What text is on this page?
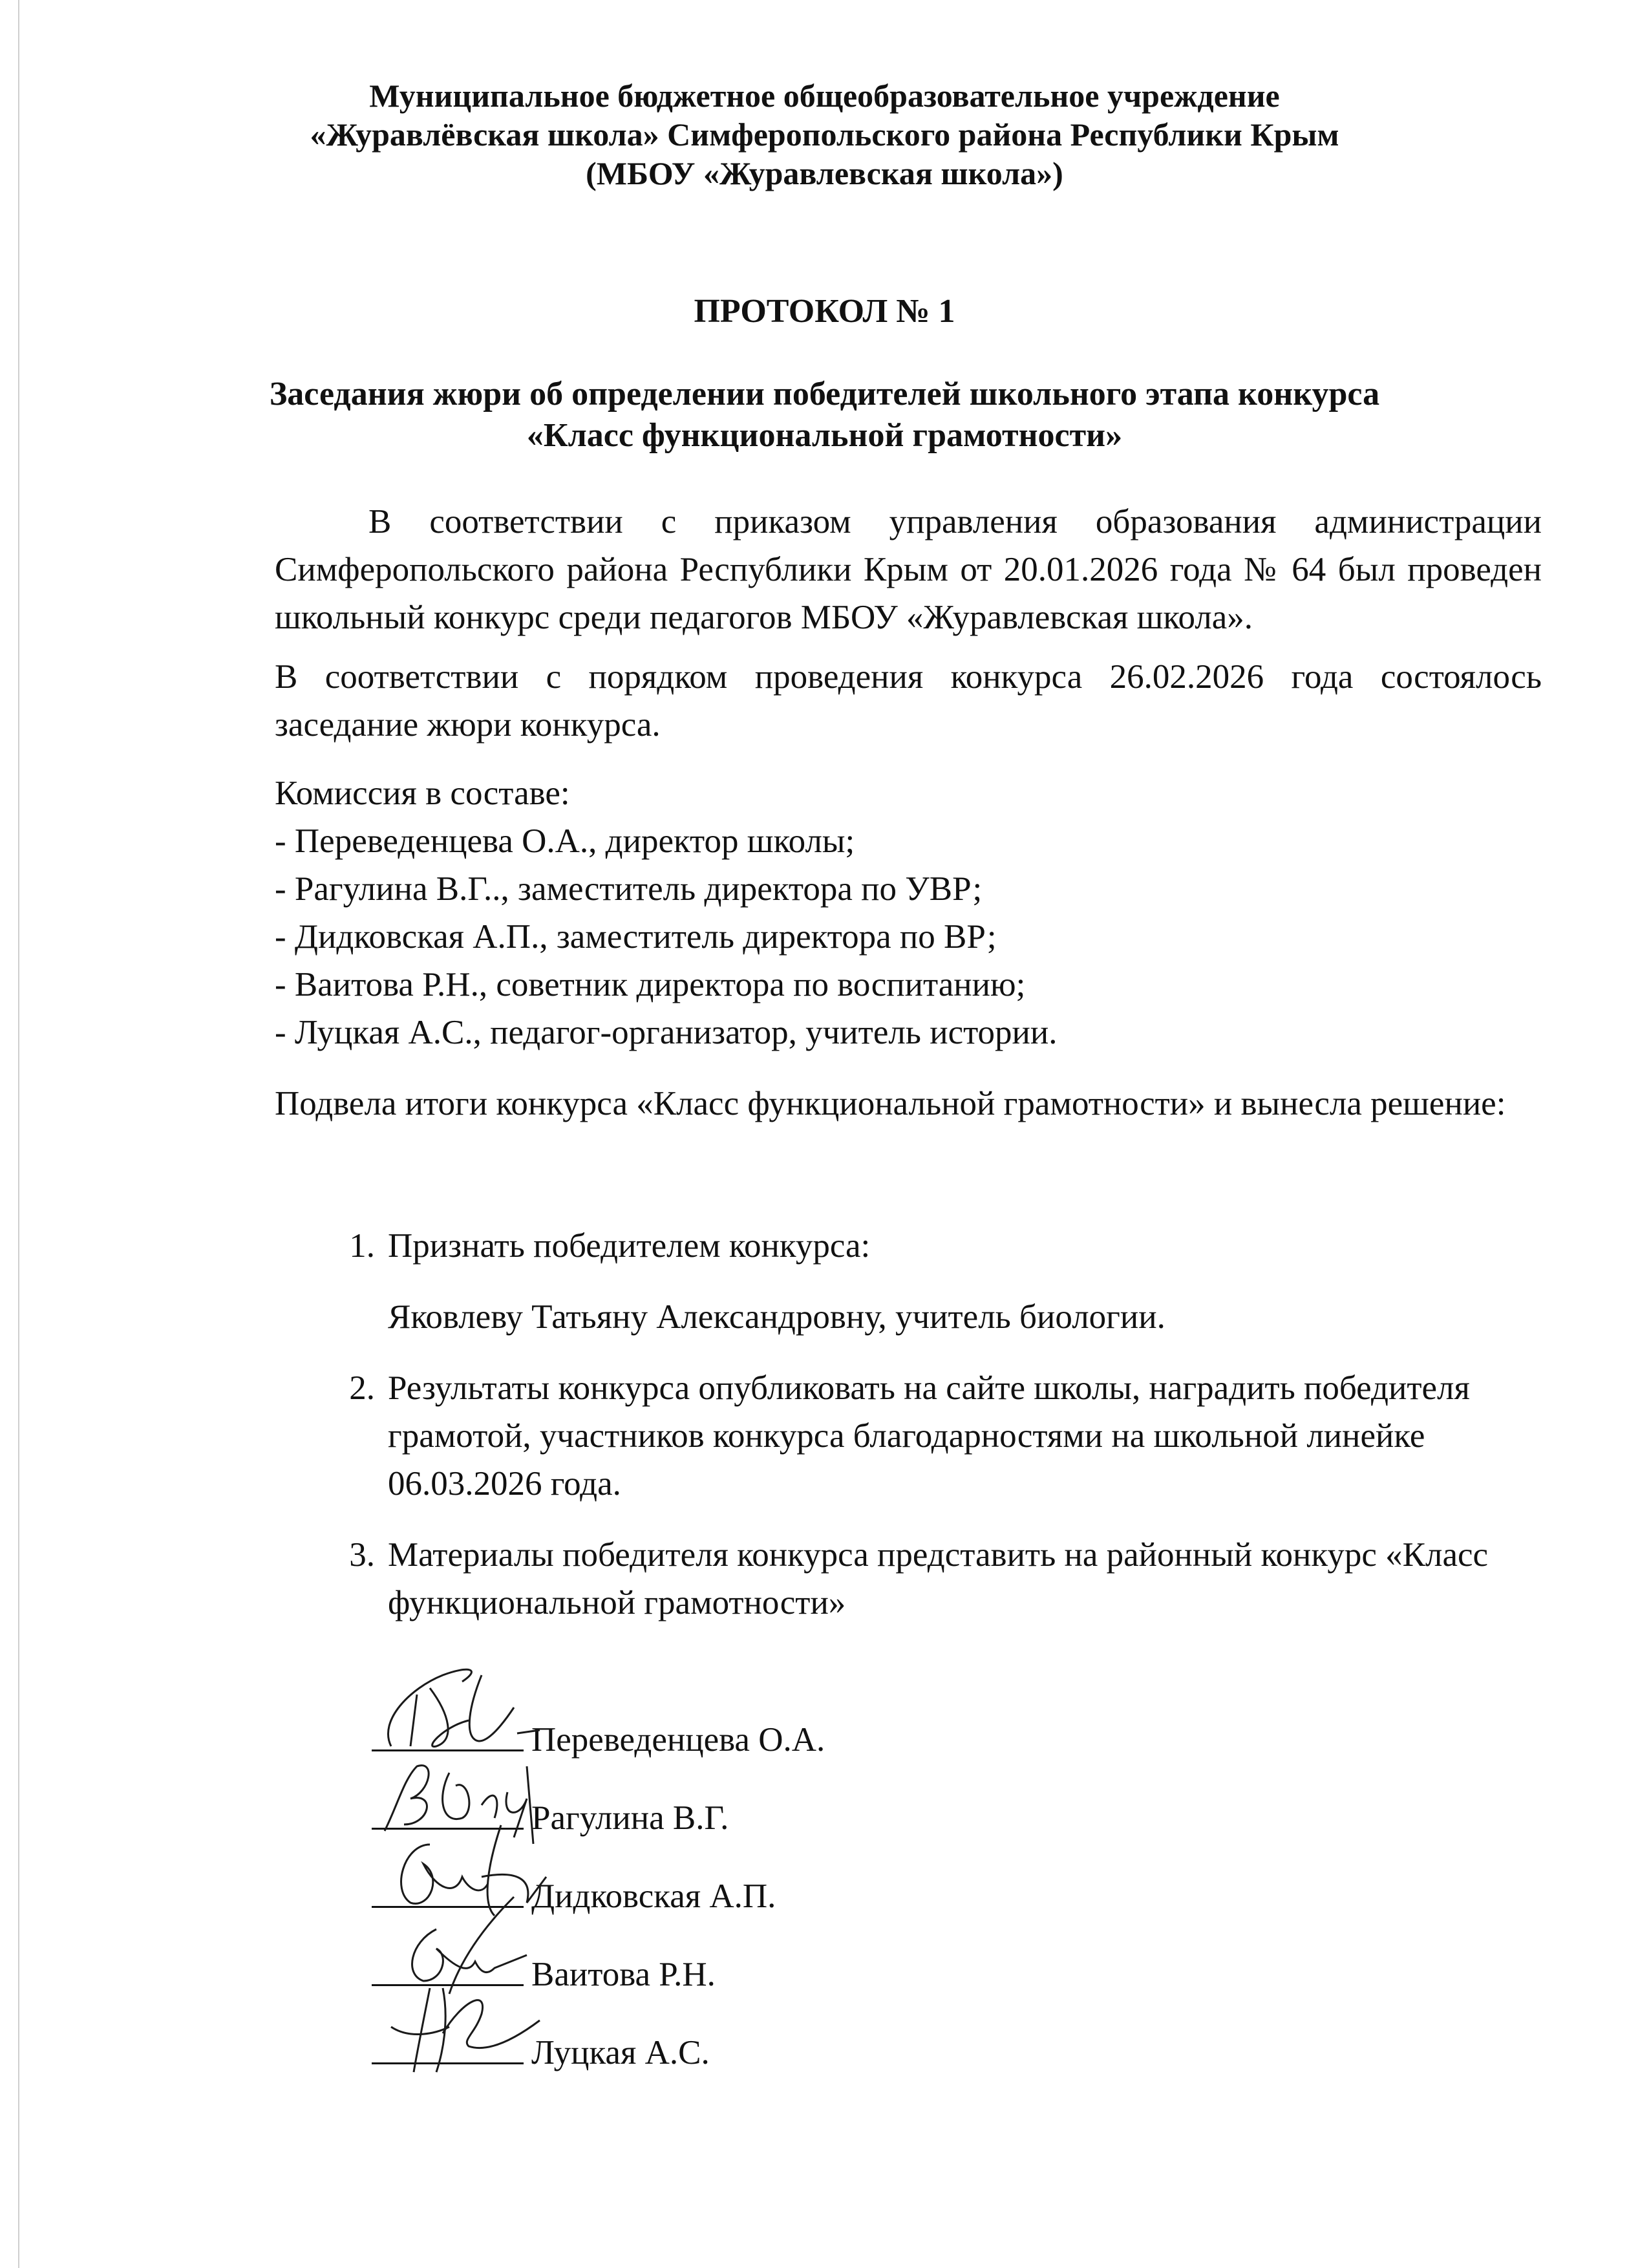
Муниципальное бюджетное общеобразовательное учреждение
«Журавлёвская школа» Симферопольского района Республики Крым
(МБОУ «Журавлевская школа»)
ПРОТОКОЛ № 1
Заседания жюри об определении победителей школьного этапа конкурса
«Класс функциональной грамотности»
В соответствии с приказом управления образования администрации Симферопольского района Республики Крым от 20.01.2026 года № 64 был проведен школьный конкурс среди педагогов МБОУ «Журавлевская школа».
В соответствии с порядком проведения конкурса 26.02.2026 года состоялось заседание жюри конкурса.
Комиссия в составе:
- Переведенцева О.А., директор школы;
- Рагулина В.Г.., заместитель директора по УВР;
- Дидковская А.П., заместитель директора по ВР;
- Ваитова Р.Н., советник директора по воспитанию;
- Луцкая А.С., педагог-организатор, учитель истории.
Подвела итоги конкурса «Класс функциональной грамотности» и вынесла решение:
1. Признать победителем конкурса:
Яковлеву Татьяну Александровну, учитель биологии.
2. Результаты конкурса опубликовать на сайте школы, наградить победителя грамотой, участников конкурса благодарностями на школьной линейке 06.03.2026 года.
3. Материалы победителя конкурса представить на районный конкурс «Класс функциональной грамотности»
Переведенцева О.А.
Рагулина В.Г.
Дидковская А.П.
Ваитова Р.Н.
Луцкая А.С.
